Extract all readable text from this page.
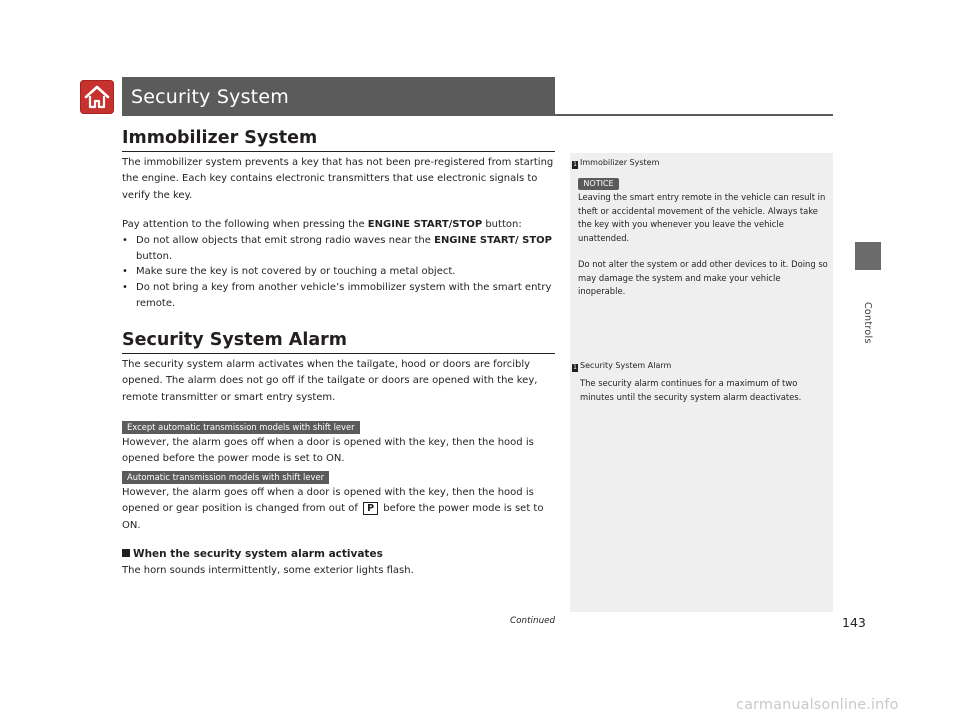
Security System
Controls
Immobilizer System
The immobilizer system prevents a key that has not been pre-registered from starting the engine. Each key contains electronic transmitters that use electronic signals to verify the key.
Pay attention to the following when pressing the ENGINE START/STOP button:
• Do not allow objects that emit strong radio waves near the ENGINE START/ STOP button.
• Make sure the key is not covered by or touching a metal object.
• Do not bring a key from another vehicle’s immobilizer system with the smart entry remote.
Security System Alarm
The security system alarm activates when the tailgate, hood or doors are forcibly opened. The alarm does not go off if the tailgate or doors are opened with the key, remote transmitter or smart entry system.
Except automatic transmission models with shift lever
However, the alarm goes off when a door is opened with the key, then the hood is opened before the power mode is set to ON.
Automatic transmission models with shift lever
However, the alarm goes off when a door is opened with the key, then the hood is opened or gear position is changed from out of P before the power mode is set to ON.
When the security system alarm activates
The horn sounds intermittently, some exterior lights flash.
1 Immobilizer System
NOTICE
Leaving the smart entry remote in the vehicle can result in theft or accidental movement of the vehicle. Always take the key with you whenever you leave the vehicle unattended.
Do not alter the system or add other devices to it. Doing so may damage the system and make your vehicle inoperable.
1 Security System Alarm
The security alarm continues for a maximum of two minutes until the security system alarm deactivates.
Continued	143
carmanualsonline.info
